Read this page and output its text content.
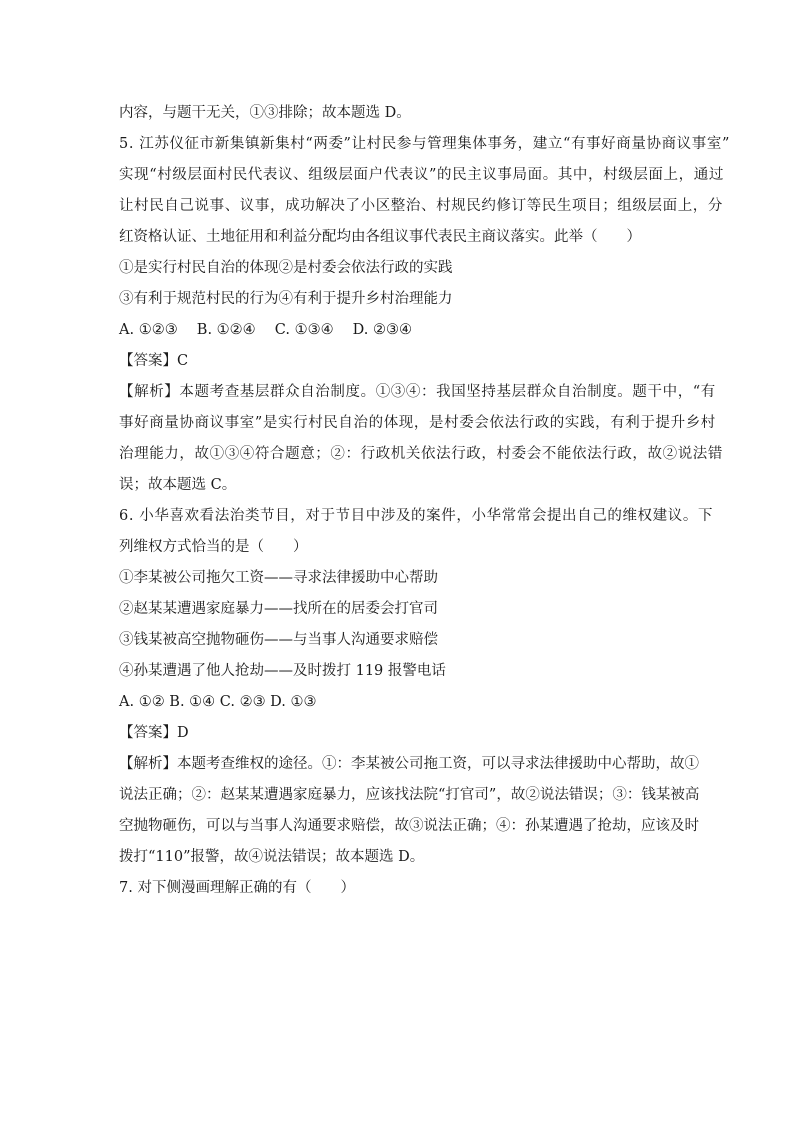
内容，与题干无关，①③排除；故本题选 D。
5. 江苏仪征市新集镇新集村“两委”让村民参与管理集体事务，建立“有事好商量协商议事室”
实现“村级层面村民代表议、组级层面户代表议”的民主议事局面。其中，村级层面上，通过
让村民自己说事、议事，成功解决了小区整治、村规民约修订等民生项目；组级层面上，分
红资格认证、土地征用和利益分配均由各组议事代表民主商议落实。此举（　　）
①是实行村民自治的体现②是村委会依法行政的实践
③有利于规范村民的行为④有利于提升乡村治理能力
A. ①②③　 B. ①②④　 C. ①③④　 D. ②③④
【答案】C
【解析】本题考查基层群众自治制度。①③④：我国坚持基层群众自治制度。题干中，“有
事好商量协商议事室”是实行村民自治的体现，是村委会依法行政的实践，有利于提升乡村
治理能力，故①③④符合题意；②：行政机关依法行政，村委会不能依法行政，故②说法错
误；故本题选 C。
6. 小华喜欢看法治类节目，对于节目中涉及的案件，小华常常会提出自己的维权建议。下
列维权方式恰当的是（　　）
①李某被公司拖欠工资——寻求法律援助中心帮助
②赵某某遭遇家庭暴力——找所在的居委会打官司
③钱某被高空抛物砸伤——与当事人沟通要求赔偿
④孙某遭遇了他人抢劫——及时拨打 119 报警电话
A. ①② B. ①④ C. ②③ D. ①③
【答案】D
【解析】本题考查维权的途径。①：李某被公司拖工资，可以寻求法律援助中心帮助，故①
说法正确；②：赵某某遭遇家庭暴力，应该找法院“打官司”，故②说法错误；③：钱某被高
空抛物砸伤，可以与当事人沟通要求赔偿，故③说法正确；④：孙某遭遇了抢劫，应该及时
拨打“110”报警，故④说法错误；故本题选 D。
7. 对下侧漫画理解正确的有（　　）
